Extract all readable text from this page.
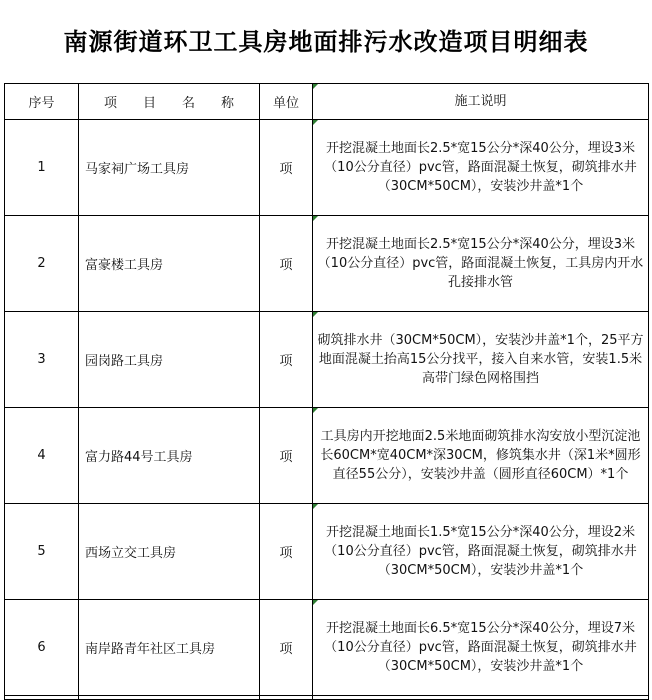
南源街道环卫工具房地面排污水改造项目明细表
序号	项　　目　　名　　称	单位	施工说明
1	马家祠广场工具房	项	开挖混凝土地面长2.5*宽15公分*深40公分，埋设3米（10公分直径）pvc管，路面混凝土恢复，砌筑排水井（30CM*50CM），安装沙井盖*1个
2	富豪楼工具房	项	开挖混凝土地面长2.5*宽15公分*深40公分，埋设3米（10公分直径）pvc管，路面混凝土恢复，工具房内开水孔接排水管
3	园岗路工具房	项	砌筑排水井（30CM*50CM），安装沙井盖*1个，25平方地面混凝土抬高15公分找平，接入自来水管，安装1.5米高带门绿色网格围挡
4	富力路44号工具房	项	工具房内开挖地面2.5米地面砌筑排水沟安放小型沉淀池长60CM*宽40CM*深30CM，修筑集水井（深1米*圆形直径55公分），安装沙井盖（圆形直径60CM）*1个
5	西场立交工具房	项	开挖混凝土地面长1.5*宽15公分*深40公分，埋设2米（10公分直径）pvc管，路面混凝土恢复，砌筑排水井（30CM*50CM），安装沙井盖*1个
6	南岸路青年社区工具房	项	开挖混凝土地面长6.5*宽15公分*深40公分，埋设7米（10公分直径）pvc管，路面混凝土恢复，砌筑排水井（30CM*50CM），安装沙井盖*1个
